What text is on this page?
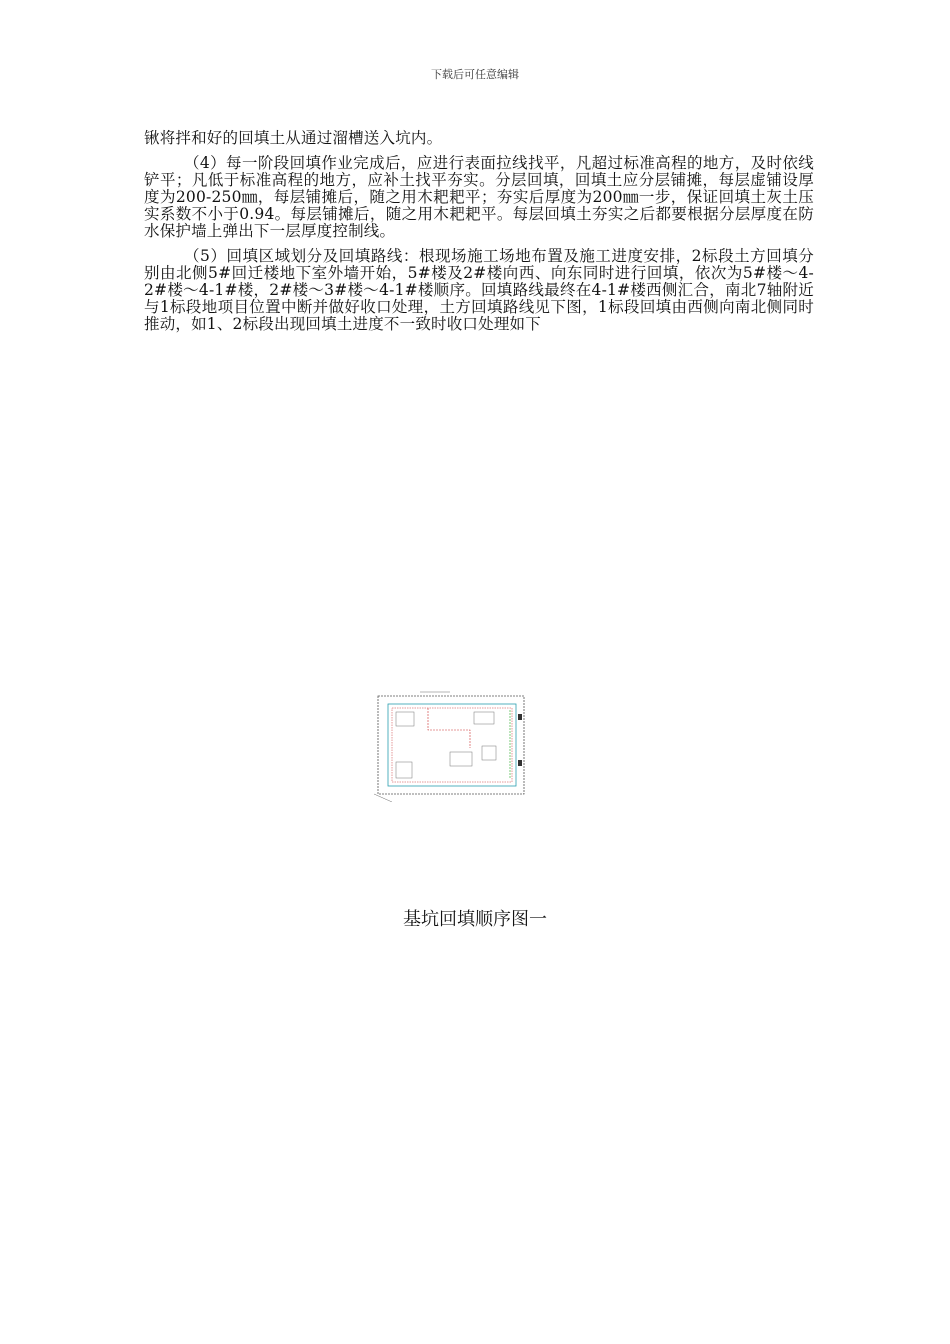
下载后可任意编辑

锹将拌和好的回填土从通过溜槽送入坑内。

（4）每一阶段回填作业完成后，应进行表面拉线找平，凡超过标准高程的地方，及时依线铲平；凡低于标准高程的地方，应补土找平夯实。分层回填，回填土应分层铺摊，每层虚铺设厚度为200-250㎜，每层铺摊后，随之用木耙耙平；夯实后厚度为200㎜一步，保证回填土灰土压实系数不小于0.94。每层铺摊后，随之用木耙耙平。每层回填土夯实之后都要根据分层厚度在防水保护墙上弹出下一层厚度控制线。

（5）回填区域划分及回填路线：根现场施工场地布置及施工进度安排，2标段土方回填分别由北侧5#回迁楼地下室外墙开始，5#楼及2#楼向西、向东同时进行回填，依次为5#楼～4-2#楼～4-1#楼，2#楼～3#楼～4-1#楼顺序。回填路线最终在4-1#楼西侧汇合，南北7轴附近与1标段地项目位置中断并做好收口处理，土方回填路线见下图，1标段回填由西侧向南北侧同时推动，如1、2标段出现回填土进度不一致时收口处理如下

基坑回填顺序图一
